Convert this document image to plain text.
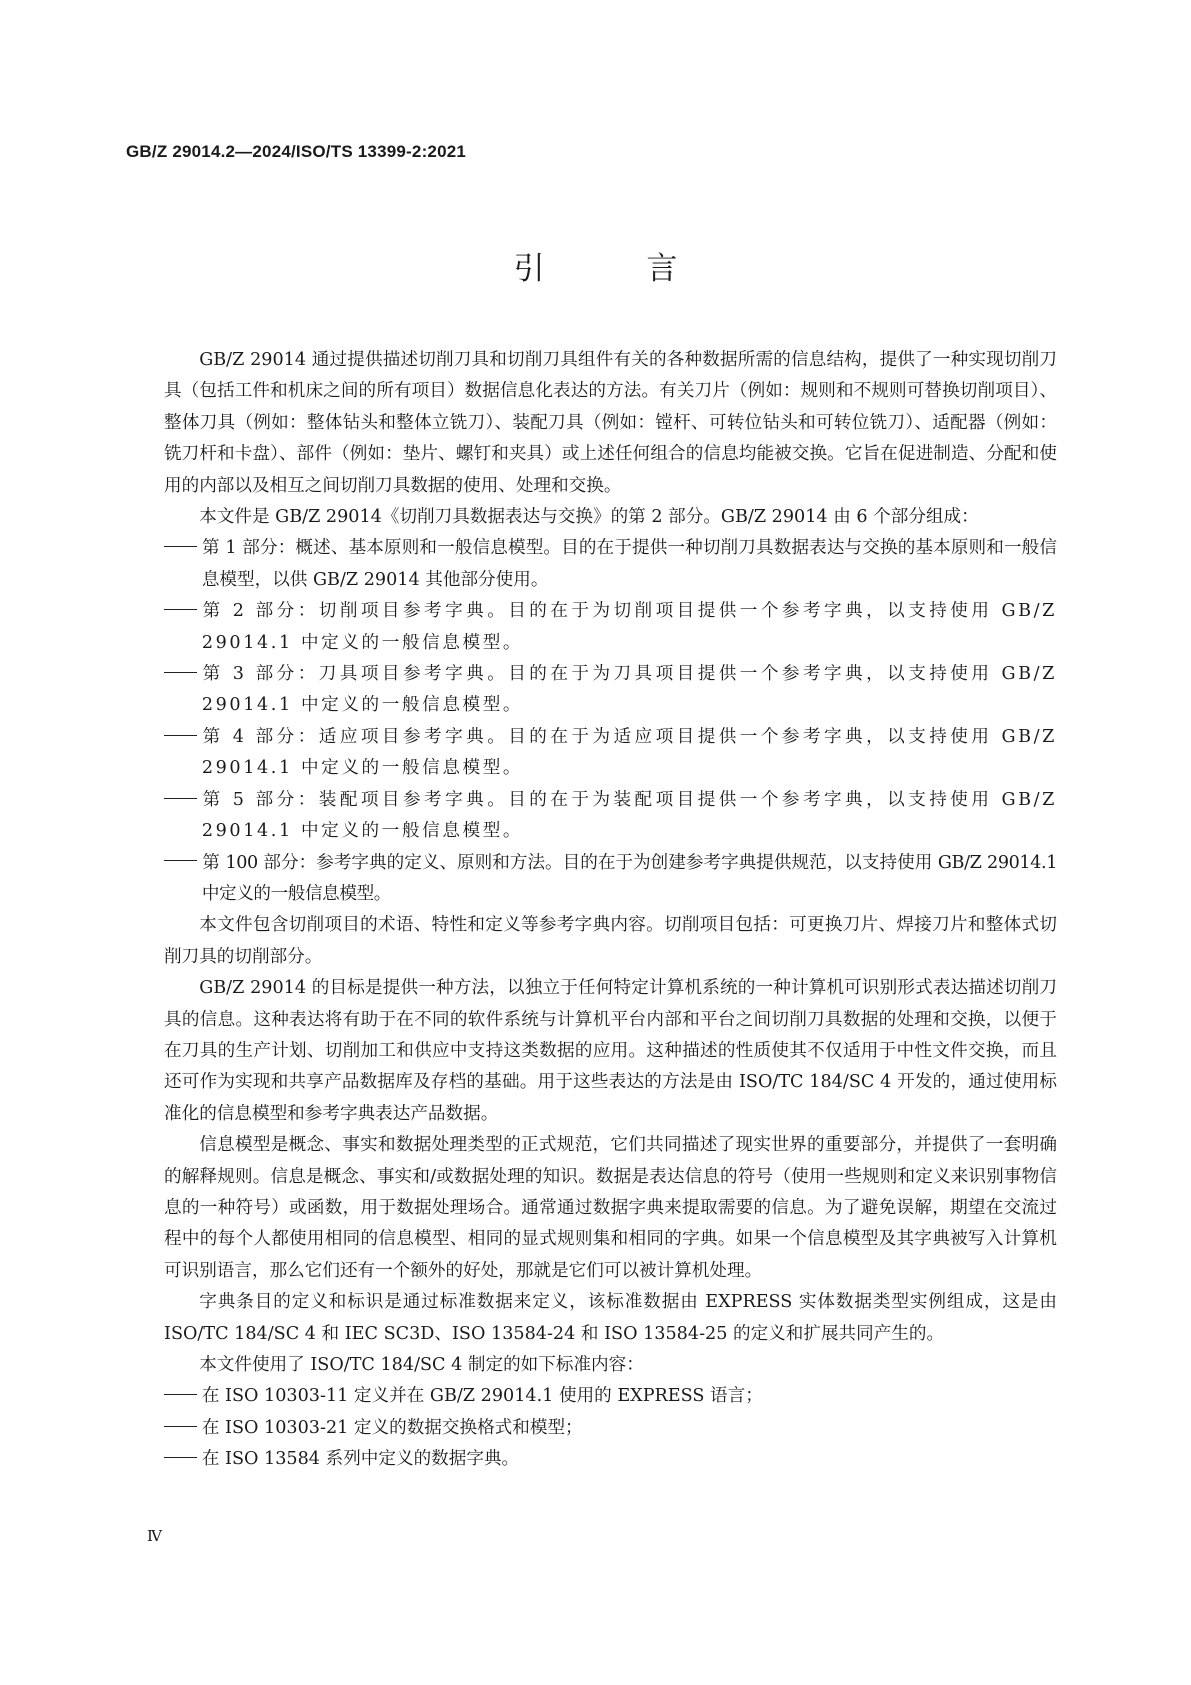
GB/Z 29014.2—2024/ISO/TS 13399-2:2021
引 言

GB/Z 29014 通过提供描述切削刀具和切削刀具组件有关的各种数据所需的信息结构，提供了一种实现切削刀具（包括工件和机床之间的所有项目）数据信息化表达的方法。有关刀片（例如：规则和不规则可替换切削项目）、整体刀具（例如：整体钻头和整体立铣刀）、装配刀具（例如：镗杆、可转位钻头和可转位铣刀）、适配器（例如：铣刀杆和卡盘）、部件（例如：垫片、螺钉和夹具）或上述任何组合的信息均能被交换。它旨在促进制造、分配和使用的内部以及相互之间切削刀具数据的使用、处理和交换。

本文件是 GB/Z 29014《切削刀具数据表达与交换》的第 2 部分。GB/Z 29014 由 6 个部分组成：

第 1 部分：概述、基本原则和一般信息模型。目的在于提供一种切削刀具数据表达与交换的基本原则和一般信息模型，以供 GB/Z 29014 其他部分使用。

第 2 部分：切削项目参考字典。目的在于为切削项目提供一个参考字典，以支持使用 GB/Z 29014.1 中定义的一般信息模型。

第 3 部分：刀具项目参考字典。目的在于为刀具项目提供一个参考字典，以支持使用 GB/Z 29014.1 中定义的一般信息模型。

第 4 部分：适应项目参考字典。目的在于为适应项目提供一个参考字典，以支持使用 GB/Z 29014.1 中定义的一般信息模型。

第 5 部分：装配项目参考字典。目的在于为装配项目提供一个参考字典，以支持使用 GB/Z 29014.1 中定义的一般信息模型。

第 100 部分：参考字典的定义、原则和方法。目的在于为创建参考字典提供规范，以支持使用 GB/Z 29014.1 中定义的一般信息模型。

本文件包含切削项目的术语、特性和定义等参考字典内容。切削项目包括：可更换刀片、焊接刀片和整体式切削刀具的切削部分。

GB/Z 29014 的目标是提供一种方法，以独立于任何特定计算机系统的一种计算机可识别形式表达描述切削刀具的信息。这种表达将有助于在不同的软件系统与计算机平台内部和平台之间切削刀具数据的处理和交换，以便于在刀具的生产计划、切削加工和供应中支持这类数据的应用。这种描述的性质使其不仅适用于中性文件交换，而且还可作为实现和共享产品数据库及存档的基础。用于这些表达的方法是由 ISO/TC 184/SC 4 开发的，通过使用标准化的信息模型和参考字典表达产品数据。

信息模型是概念、事实和数据处理类型的正式规范，它们共同描述了现实世界的重要部分，并提供了一套明确的解释规则。信息是概念、事实和/或数据处理的知识。数据是表达信息的符号（使用一些规则和定义来识别事物信息的一种符号）或函数，用于数据处理场合。通常通过数据字典来提取需要的信息。为了避免误解，期望在交流过程中的每个人都使用相同的信息模型、相同的显式规则集和相同的字典。如果一个信息模型及其字典被写入计算机可识别语言，那么它们还有一个额外的好处，那就是它们可以被计算机处理。

字典条目的定义和标识是通过标准数据来定义，该标准数据由 EXPRESS 实体数据类型实例组成，这是由 ISO/TC 184/SC 4 和 IEC SC3D、ISO 13584-24 和 ISO 13584-25 的定义和扩展共同产生的。

本文件使用了 ISO/TC 184/SC 4 制定的如下标准内容：

在 ISO 10303-11 定义并在 GB/Z 29014.1 使用的 EXPRESS 语言；

在 ISO 10303-21 定义的数据交换格式和模型；

在 ISO 13584 系列中定义的数据字典。

Ⅳ
